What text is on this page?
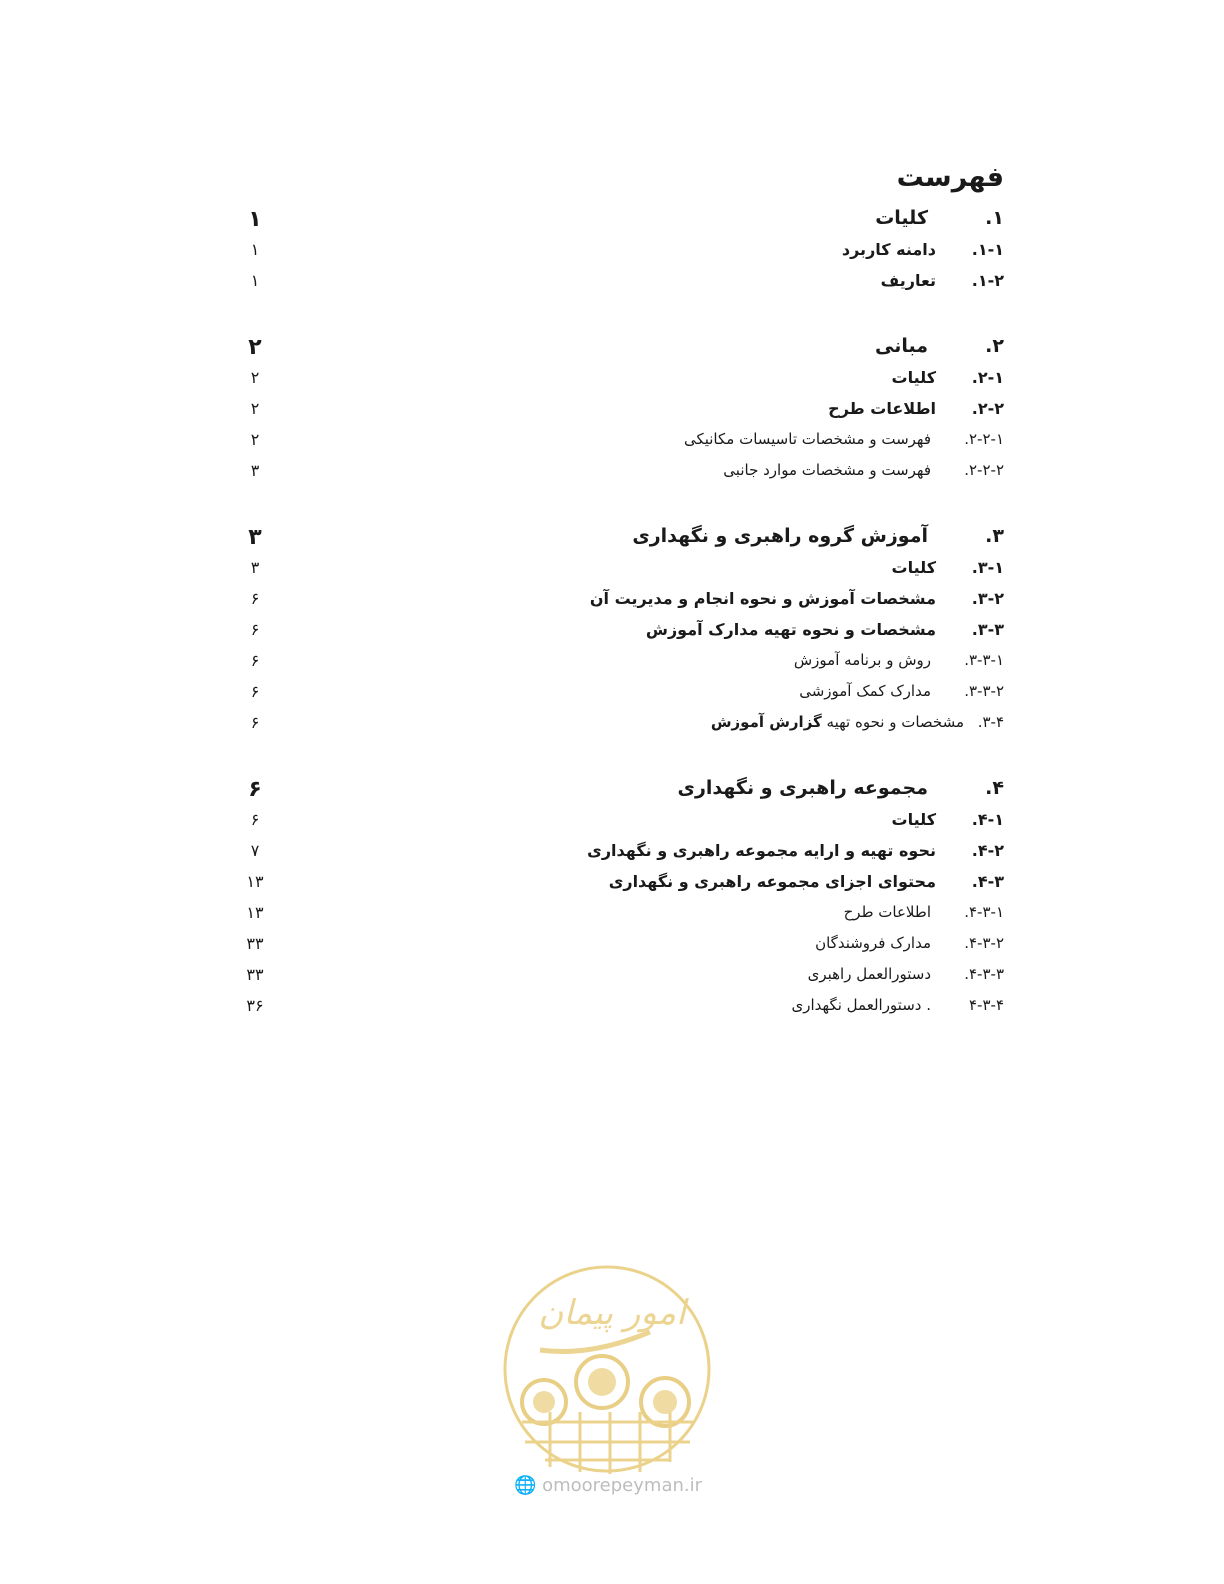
فهرست
۱.
کلیات
۱
۱-۱.
دامنه کاربرد
۱
۱-۲.
تعاریف
۱
۲.
مبانی
۲
۲-۱.
کلیات
۲
۲-۲.
اطلاعات طرح
۲
۲-۲-۱.
فهرست و مشخصات تاسیسات مکانیکی
۲
۲-۲-۲.
فهرست و مشخصات موارد جانبی
۳
۳.
آموزش گروه راهبری و نگهداری
۳
۳-۱.
کلیات
۳
۳-۲.
مشخصات آموزش و نحوه انجام و مدیریت آن
۶
۳-۳.
مشخصات و نحوه تهیه مدارک آموزش
۶
۳-۳-۱.
روش و برنامه آموزش
۶
۳-۳-۲.
مدارک کمک آموزشی
۶
۳-۴.
مشخصات و نحوه تهیه گزارش آموزش
۶
۴.
مجموعه راهبری و نگهداری
۶
۴-۱.
کلیات
۶
۴-۲.
نحوه تهیه و ارایه مجموعه راهبری و نگهداری
۷
۴-۳.
محتوای اجزای مجموعه راهبری و نگهداری
۱۳
۴-۳-۱.
اطلاعات طرح
۱۳
۴-۳-۲.
مدارک فروشندگان
۳۳
۴-۳-۳.
دستورالعمل راهبری
۳۳
۴-۳-۴
. دستورالعمل نگهداری
۳۶
امور پیمان
🌐 omoorepeyman.ir
